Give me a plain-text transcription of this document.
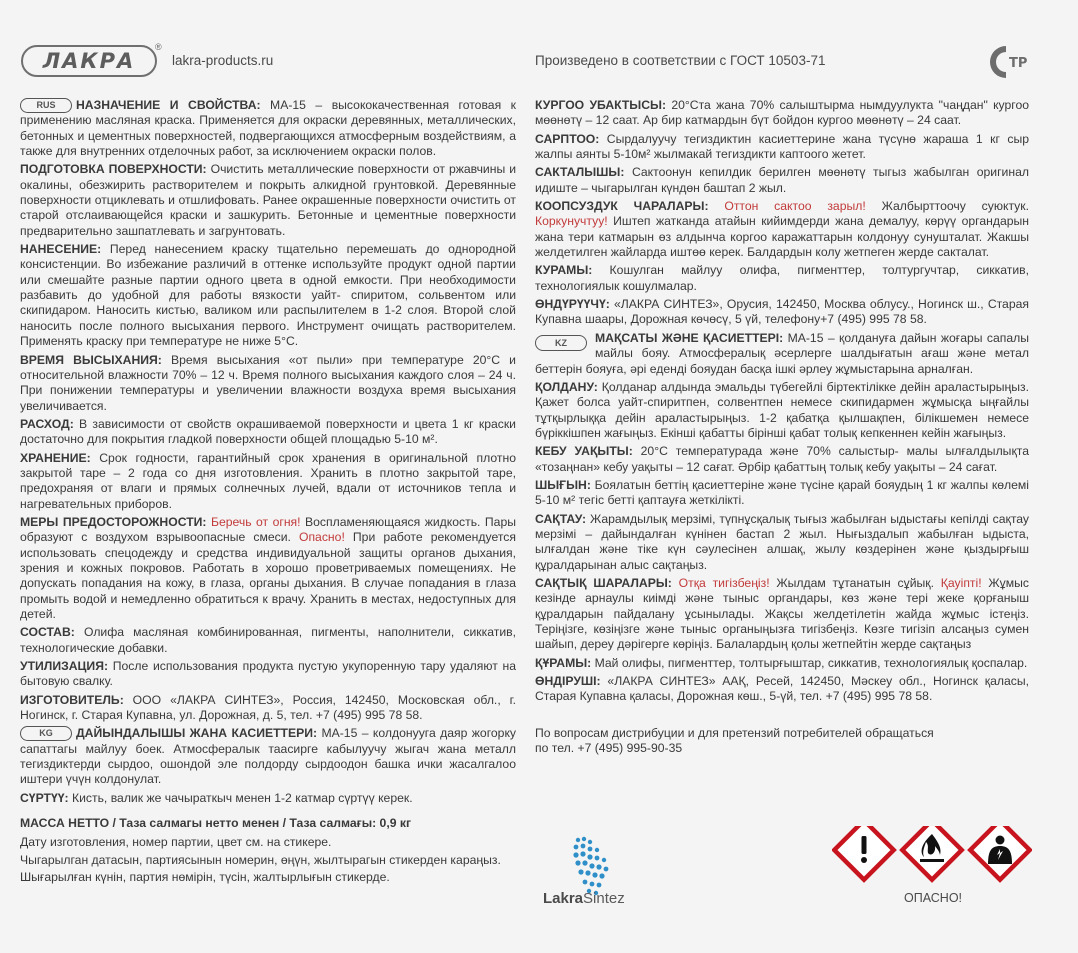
ЛАКРА
®
lakra-products.ru	Произведено в соответствии с ГОСТ 10503-71	ТР

RUS НАЗНАЧЕНИЕ И СВОЙСТВА: МА-15 – высококачественная готовая к применению масляная краска. Применяется для окраски деревянных, металлических, бетонных и цементных поверхностей, подвергающихся атмосферным воздействиям, а также для внутренних отделочных работ, за исключением окраски полов.

ПОДГОТОВКА ПОВЕРХНОСТИ: Очистить металлические поверхности от ржавчины и окалины, обезжирить растворителем и покрыть алкидной грунтовкой. Деревянные поверхности отциклевать и отшлифовать. Ранее окрашенные поверхности очистить от старой отслаивающейся краски и зашкурить. Бетонные и цементные поверхности предварительно зашпатлевать и загрунтовать.

НАНЕСЕНИЕ: Перед нанесением краску тщательно перемешать до однородной консистенции. Во избежание различий в оттенке используйте продукт одной партии или смешайте разные партии одного цвета в одной емкости. При необходимости разбавить до удобной для работы вязкости уайт- спиритом, сольвентом или скипидаром. Наносить кистью, валиком или распылителем в 1-2 слоя. Второй слой наносить после полного высыхания первого. Инструмент очищать растворителем. Применять краску при температуре не ниже 5°С.

ВРЕМЯ ВЫСЫХАНИЯ: Время высыхания «от пыли» при температуре 20°С и относительной влажности 70% – 12 ч. Время полного высыхания каждого слоя – 24 ч. При понижении температуры и увеличении влажности воздуха время высыхания увеличивается.

РАСХОД: В зависимости от свойств окрашиваемой поверхности и цвета 1 кг краски достаточно для покрытия гладкой поверхности общей площадью 5-10 м².

ХРАНЕНИЕ: Срок годности, гарантийный срок хранения в оригинальной плотно закрытой таре – 2 года со дня изготовления. Хранить в плотно закрытой таре, предохраняя от влаги и прямых солнечных лучей, вдали от источников тепла и нагревательных приборов.

МЕРЫ ПРЕДОСТОРОЖНОСТИ: Беречь от огня! Воспламеняющаяся жидкость. Пары образуют с воздухом взрывоопасные смеси. Опасно! При работе рекомендуется использовать спецодежду и средства индивидуальной защиты органов дыхания, зрения и кожных покровов. Работать в хорошо проветриваемых помещениях. Не допускать попадания на кожу, в глаза, органы дыхания. В случае попадания в глаза промыть водой и немедленно обратиться к врачу. Хранить в местах, недоступных для детей.

СОСТАВ: Олифа масляная комбинированная, пигменты, наполнители, сиккатив, технологические добавки.

УТИЛИЗАЦИЯ: После использования продукта пустую укупоренную тару удаляют на бытовую свалку.

ИЗГОТОВИТЕЛЬ: ООО «ЛАКРА СИНТЕЗ», Россия, 142450, Московская обл., г. Ногинск, г. Старая Купавна, ул. Дорожная, д. 5, тел. +7 (495) 995 78 58.

KG ДАЙЫНДАЛЫШЫ ЖАНА КАСИЕТТЕРИ: МА-15 – колдонууга даяр жогорку сапаттагы майлуу боек. Атмосфералык таасирге кабылуучу жыгач жана металл тегиздиктерди сырдоо, ошондой эле полдорду сырдоодон башка ички жасалгалоо иштери үчүн колдонулат.

СҮРТҮҮ: Кисть, валик же чачыраткыч менен 1-2 катмар сүртүү керек.

МАССА НЕТТО / Таза салмагы нетто менен / Таза салмағы: 0,9 кг

Дату изготовления, номер партии, цвет см. на стикере.

Чыгарылган датасын, партиясынын номерин, өңүн, жылтырагын стикерден караңыз.

Шығарылған күнін, партия нөмірін, түсін, жалтырлығын стикерде.

КУРГОО УБАКТЫСЫ: 20°Cта жана 70% салыштырма нымдуулукта "чаңдан" кургоо мөөнөтү – 12 саат. Ар бир катмардын бүт бойдон кургоо мөөнөтү – 24 саат.

САРПТОО: Сырдалуучу тегиздиктин касиеттерине жана түсүнө жараша 1 кг сыр жалпы аянты 5-10м² жылмакай тегиздикти каптоого жетет.

САКТАЛЫШЫ: Сактоонун кепилдик берилген мөөнөтү тыгыз жабылган оригинал идиште – чыгарылган күндөн баштап 2 жыл.

КООПСУЗДУК ЧАРАЛАРЫ: Оттон сактоо зарыл! Жалбырттоочу суюктук. Коркунучтуу! Иштеп жатканда атайын кийимдерди жана демалуу, көрүү органдарын жана тери катмарын өз алдынча коргоо каражаттарын колдонуу сунушталат. Жакшы желдетилген жайларда иштөө керек. Балдардын колу жетпеген жерде сакталат.

КУРАМЫ: Кошулган майлуу олифа, пигменттер, толтургучтар, сиккатив, технологиялык кошулмалар.

ӨНДҮРҮҮЧҮ: «ЛАКРА СИНТЕЗ», Орусия, 142450, Москва облусу., Ногинск ш., Старая Купавна шаары, Дорожная көчөсү, 5 үй, телефону+7 (495) 995 78 58.

KZ	МАҚСАТЫ ЖӘНЕ ҚАСИЕТТЕРІ: МА-15 – қолдануға дайын жоғары сапалы майлы бояу. Атмосфералық әсерлерге шалдығатын ағаш және метал беттерін бояуға, әрі еденді бояудан басқа ішкі әрлеу жұмыстарына арналған.

ҚОЛДАНУ: Қолданар алдында эмальды түбегейлі біртектілікке дейін араластырыңыз. Қажет болса уайт-спиритпен, солвентпен немесе скипидармен жұмысқа ыңғайлы тұтқырлыққа дейін араластырыңыз. 1-2 қабатқа қылшақпен, білікшемен немесе бүріккішпен жағыңыз. Екінші қабатты бірінші қабат толық кепкеннен кейін жағыңыз.

КЕБУ УАҚЫТЫ: 20°С температурада және 70% салыстыр- малы ылғалдылықта «тозаңнан» кебу уақыты – 12 сағат. Әрбір қабаттың толық кебу уақыты – 24 сағат.

ШЫҒЫН: Боялатын беттің қасиеттеріне және түсіне қарай бояудың 1 кг жалпы көлемі 5-10 м² тегіс бетті қаптауға жеткілікті.

САҚТАУ: Жарамдылық мерзімі, түпнұсқалық тығыз жабылған ыдыстағы кепілді сақтау мерзімі – дайындалған күнінен бастап 2 жыл. Нығыздалып жабылған ыдыста, ылғалдан және тіке күн сәулесінен алшақ, жылу көздерінен және қыздырғыш құралдарынан алыс сақтаңыз.

САҚТЫҚ ШАРАЛАРЫ: Отқа тигізбеңіз! Жылдам тұтанатын сұйық. Қауіпті! Жұмыс кезінде арнаулы киімді және тыныс органдары, көз және тері жеке қорғаныш құралдарын пайдалану ұсынылады. Жақсы желдетілетін жайда жұмыс істеңіз. Теріңізге, көзіңізге және тыныс органыңызға тигізбеңіз. Көзге тигізіп алсаңыз сумен шайып, дереу дәрігерге көріңіз. Балалардың қолы жетпейтін жерде сақтаңыз

ҚҰРАМЫ: Май олифы, пигменттер, толтырғыштар, сиккатив, технологиялық қоспалар.

ӨНДІРУШІ: «ЛАКРА СИНТЕЗ» ААҚ, Ресей, 142450, Мәскеу обл., Ногинск қаласы, Старая Купавна қаласы, Дорожная көш., 5-үй, тел. +7 (495) 995 78 58.

По вопросам дистрибуции и для претензий потребителей обращаться

по тел. +7 (495) 995-90-35

LakraSintez	ОПАСНО!
